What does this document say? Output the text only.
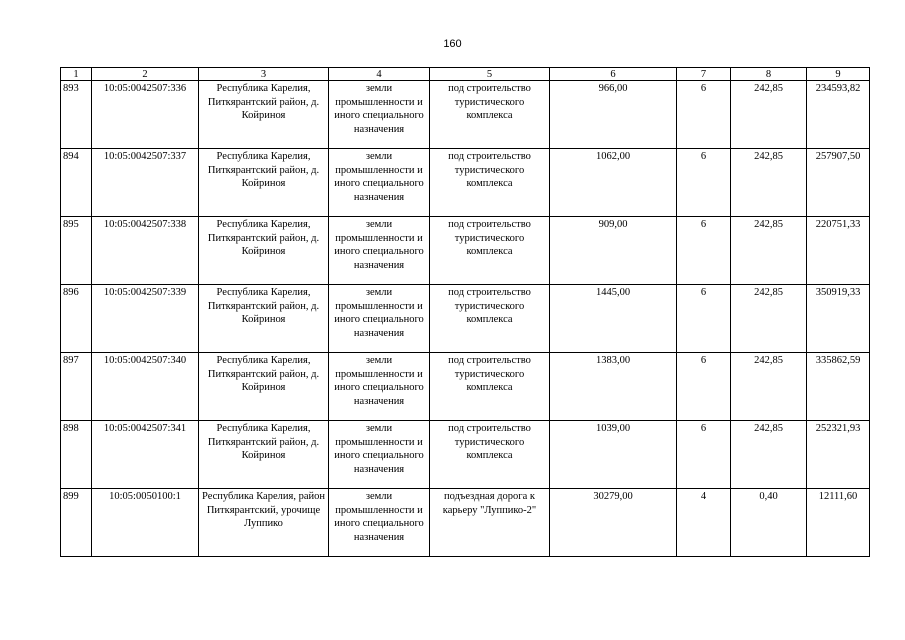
160
1	2	3	4	5	6	7	8	9
893	10:05:0042507:336	Республика Карелия, Питкярантский район, д. Койриноя	земли промышленности и иного специального назначения	под строительство туристического комплекса	966,00	6	242,85	234593,82
894	10:05:0042507:337	Республика Карелия, Питкярантский район, д. Койриноя	земли промышленности и иного специального назначения	под строительство туристического комплекса	1062,00	6	242,85	257907,50
895	10:05:0042507:338	Республика Карелия, Питкярантский район, д. Койриноя	земли промышленности и иного специального назначения	под строительство туристического комплекса	909,00	6	242,85	220751,33
896	10:05:0042507:339	Республика Карелия, Питкярантский район, д. Койриноя	земли промышленности и иного специального назначения	под строительство туристического комплекса	1445,00	6	242,85	350919,33
897	10:05:0042507:340	Республика Карелия, Питкярантский район, д. Койриноя	земли промышленности и иного специального назначения	под строительство туристического комплекса	1383,00	6	242,85	335862,59
898	10:05:0042507:341	Республика Карелия, Питкярантский район, д. Койриноя	земли промышленности и иного специального назначения	под строительство туристического комплекса	1039,00	6	242,85	252321,93
899	10:05:0050100:1	Республика Карелия, район Питкярантский, урочище Луппико	земли промышленности и иного специального назначения	подъездная дорога к карьеру "Луппико-2"	30279,00	4	0,40	12111,60
